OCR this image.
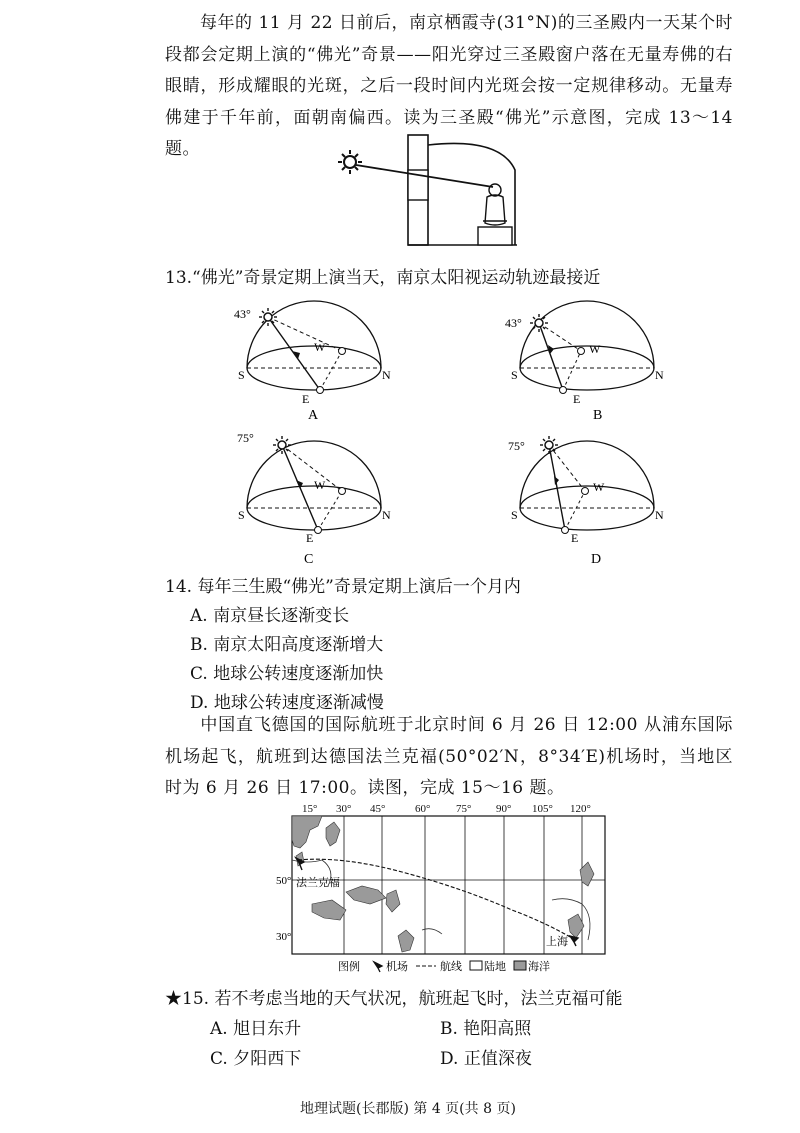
每年的 11 月 22 日前后，南京栖霞寺(31°N)的三圣殿内一天某个时段都会定期上演的“佛光”奇景——阳光穿过三圣殿窗户落在无量寿佛的右眼睛，形成耀眼的光斑，之后一段时间内光斑会按一定规律移动。无量寿佛建于千年前，面朝南偏西。读为三圣殿“佛光”示意图，完成 13～14 题。
13.“佛光”奇景定期上演当天，南京太阳视运动轨迹最接近
43°
S	N
E
W
A
43°
S	N
E
W
B
75°
S	N
E
W
C
75°
S	N
E
W
D
14. 每年三生殿“佛光”奇景定期上演后一个月内
A. 南京昼长逐渐变长
B. 南京太阳高度逐渐增大
C. 地球公转速度逐渐加快
D. 地球公转速度逐渐减慢
中国直飞德国的国际航班于北京时间 6 月 26 日 12:00 从浦东国际机场起飞，航班到达德国法兰克福(50°02′N，8°34′E)机场时，当地区时为 6 月 26 日 17:00。读图，完成 15～16 题。
15° 30° 45°	60° 75° 90° 105° 120°
50°
30°
法兰克福
上海
图例 机场	航线 陆地 海洋
★15. 若不考虑当地的天气状况，航班起飞时，法兰克福可能
A. 旭日东升	B. 艳阳高照
C. 夕阳西下	D. 正值深夜
地理试题(长郡版) 第 4 页(共 8 页)
